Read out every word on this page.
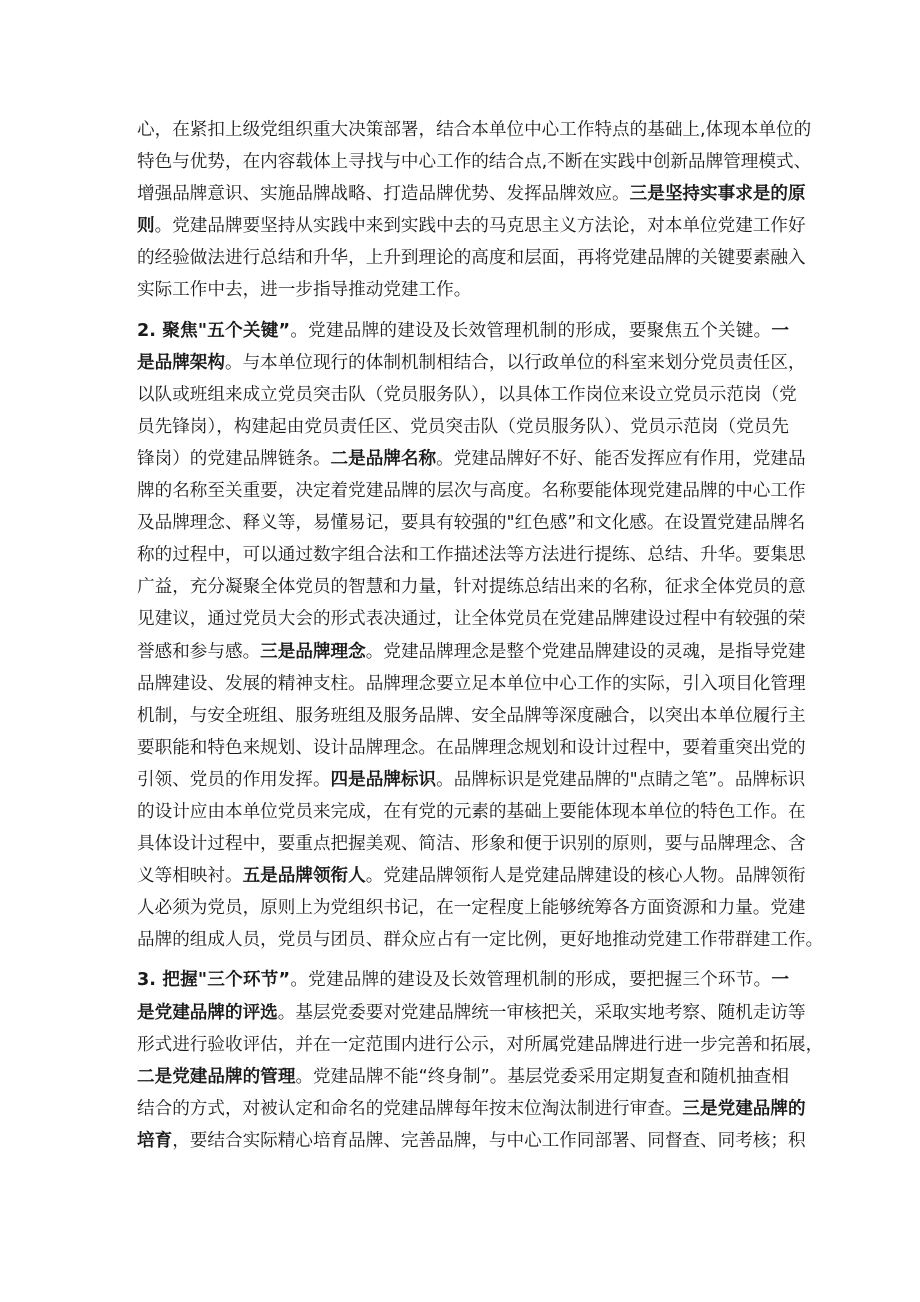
心，在紧扣上级党组织重大决策部署，结合本单位中心工作特点的基础上,体现本单位的
特色与优势，在内容载体上寻找与中心工作的结合点,不断在实践中创新品牌管理模式、
增强品牌意识、实施品牌战略、打造品牌优势、发挥品牌效应。三是坚持实事求是的原
则。党建品牌要坚持从实践中来到实践中去的马克思主义方法论，对本单位党建工作好
的经验做法进行总结和升华，上升到理论的高度和层面，再将党建品牌的关键要素融入
实际工作中去，进一步指导推动党建工作。
2. 聚焦"五个关键”。党建品牌的建设及长效管理机制的形成，要聚焦五个关键。一
是品牌架构。与本单位现行的体制机制相结合，以行政单位的科室来划分党员责任区，
以队或班组来成立党员突击队（党员服务队），以具体工作岗位来设立党员示范岗（党
员先锋岗），构建起由党员责任区、党员突击队（党员服务队）、党员示范岗（党员先
锋岗）的党建品牌链条。二是品牌名称。党建品牌好不好、能否发挥应有作用，党建品
牌的名称至关重要，决定着党建品牌的层次与高度。名称要能体现党建品牌的中心工作
及品牌理念、释义等，易懂易记，要具有较强的"红色感”和文化感。在设置党建品牌名
称的过程中，可以通过数字组合法和工作描述法等方法进行提练、总结、升华。要集思
广益，充分凝聚全体党员的智慧和力量，针对提练总结出来的名称，征求全体党员的意
见建议，通过党员大会的形式表决通过，让全体党员在党建品牌建设过程中有较强的荣
誉感和参与感。三是品牌理念。党建品牌理念是整个党建品牌建设的灵魂，是指导党建
品牌建设、发展的精神支柱。品牌理念要立足本单位中心工作的实际，引入项目化管理
机制，与安全班组、服务班组及服务品牌、安全品牌等深度融合，以突出本单位履行主
要职能和特色来规划、设计品牌理念。在品牌理念规划和设计过程中，要着重突出党的
引领、党员的作用发挥。四是品牌标识。品牌标识是党建品牌的"点睛之笔”。品牌标识
的设计应由本单位党员来完成，在有党的元素的基础上要能体现本单位的特色工作。在
具体设计过程中，要重点把握美观、简洁、形象和便于识别的原则，要与品牌理念、含
义等相映衬。五是品牌领衔人。党建品牌领衔人是党建品牌建设的核心人物。品牌领衔
人必须为党员，原则上为党组织书记，在一定程度上能够统筹各方面资源和力量。党建
品牌的组成人员，党员与团员、群众应占有一定比例，更好地推动党建工作带群建工作。
3. 把握"三个环节”。党建品牌的建设及长效管理机制的形成，要把握三个环节。一
是党建品牌的评选。基层党委要对党建品牌统一审核把关，采取实地考察、随机走访等
形式进行验收评估，并在一定范围内进行公示，对所属党建品牌进行进一步完善和拓展，
二是党建品牌的管理。党建品牌不能“终身制”。基层党委采用定期复查和随机抽查相
结合的方式，对被认定和命名的党建品牌每年按末位淘汰制进行审查。三是党建品牌的
培育，要结合实际精心培育品牌、完善品牌，与中心工作同部署、同督查、同考核；积
